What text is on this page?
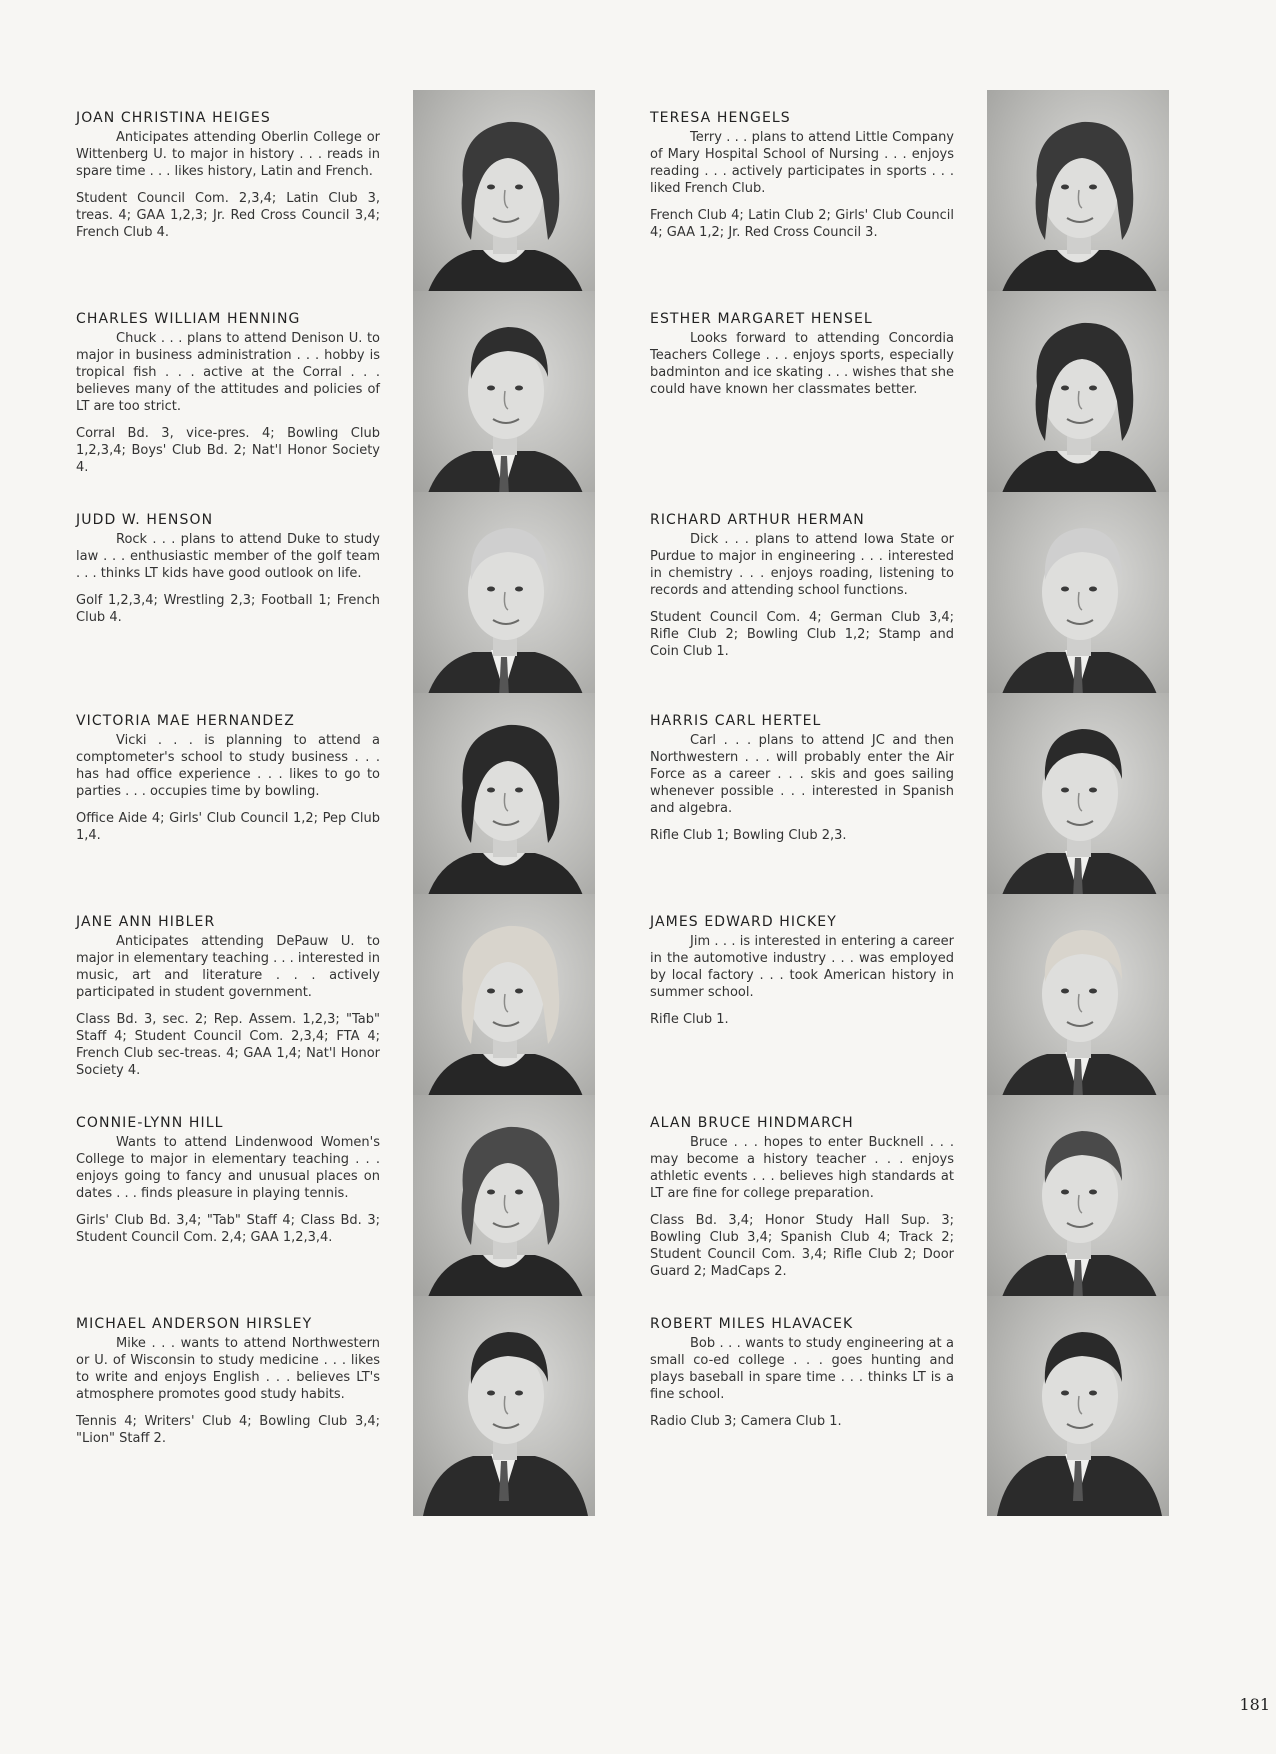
JOAN CHRISTINA HEIGES

Anticipates attending Oberlin College or Wittenberg U. to major in history . . . reads in spare time . . . likes history, Latin and French.

Student Council Com. 2,3,4; Latin Club 3, treas. 4; GAA 1,2,3; Jr. Red Cross Council 3,4; French Club 4.

CHARLES WILLIAM HENNING

Chuck . . . plans to attend Denison U. to major in business administration . . . hobby is tropical fish . . . active at the Corral . . . believes many of the attitudes and policies of LT are too strict.

Corral Bd. 3, vice-pres. 4; Bowling Club 1,2,3,4; Boys' Club Bd. 2; Nat'l Honor Society 4.

JUDD W. HENSON

Rock . . . plans to attend Duke to study law . . . enthusiastic member of the golf team . . . thinks LT kids have good outlook on life.

Golf 1,2,3,4; Wrestling 2,3; Football 1; French Club 4.

VICTORIA MAE HERNANDEZ

Vicki . . . is planning to attend a comptometer's school to study business . . . has had office experience . . . likes to go to parties . . . occupies time by bowling.

Office Aide 4; Girls' Club Council 1,2; Pep Club 1,4.

JANE ANN HIBLER

Anticipates attending DePauw U. to major in elementary teaching . . . interested in music, art and literature . . . actively participated in student government.

Class Bd. 3, sec. 2; Rep. Assem. 1,2,3; "Tab" Staff 4; Student Council Com. 2,3,4; FTA 4; French Club sec-treas. 4; GAA 1,4; Nat'l Honor Society 4.

CONNIE-LYNN HILL

Wants to attend Lindenwood Women's College to major in elementary teaching . . . enjoys going to fancy and unusual places on dates . . . finds pleasure in playing tennis.

Girls' Club Bd. 3,4; "Tab" Staff 4; Class Bd. 3; Student Council Com. 2,4; GAA 1,2,3,4.

MICHAEL ANDERSON HIRSLEY

Mike . . . wants to attend Northwestern or U. of Wisconsin to study medicine . . . likes to write and enjoys English . . . believes LT's atmosphere promotes good study habits.

Tennis 4; Writers' Club 4; Bowling Club 3,4; "Lion" Staff 2.

TERESA HENGELS

Terry . . . plans to attend Little Company of Mary Hospital School of Nursing . . . enjoys reading . . . actively participates in sports . . . liked French Club.

French Club 4; Latin Club 2; Girls' Club Council 4; GAA 1,2; Jr. Red Cross Council 3.

ESTHER MARGARET HENSEL

Looks forward to attending Concordia Teachers College . . . enjoys sports, especially badminton and ice skating . . . wishes that she could have known her classmates better.

RICHARD ARTHUR HERMAN

Dick . . . plans to attend Iowa State or Purdue to major in engineering . . . interested in chemistry . . . enjoys roading, listening to records and attending school functions.

Student Council Com. 4; German Club 3,4; Rifle Club 2; Bowling Club 1,2; Stamp and Coin Club 1.

HARRIS CARL HERTEL

Carl . . . plans to attend JC and then Northwestern . . . will probably enter the Air Force as a career . . . skis and goes sailing whenever possible . . . interested in Spanish and algebra.

Rifle Club 1; Bowling Club 2,3.

JAMES EDWARD HICKEY

Jim . . . is interested in entering a career in the automotive industry . . . was employed by local factory . . . took American history in summer school.

Rifle Club 1.

ALAN BRUCE HINDMARCH

Bruce . . . hopes to enter Bucknell . . . may become a history teacher . . . enjoys athletic events . . . believes high standards at LT are fine for college preparation.

Class Bd. 3,4; Honor Study Hall Sup. 3; Bowling Club 3,4; Spanish Club 4; Track 2; Student Council Com. 3,4; Rifle Club 2; Door Guard 2; MadCaps 2.

ROBERT MILES HLAVACEK

Bob . . . wants to study engineering at a small co-ed college . . . goes hunting and plays baseball in spare time . . . thinks LT is a fine school.

Radio Club 3; Camera Club 1.

181
